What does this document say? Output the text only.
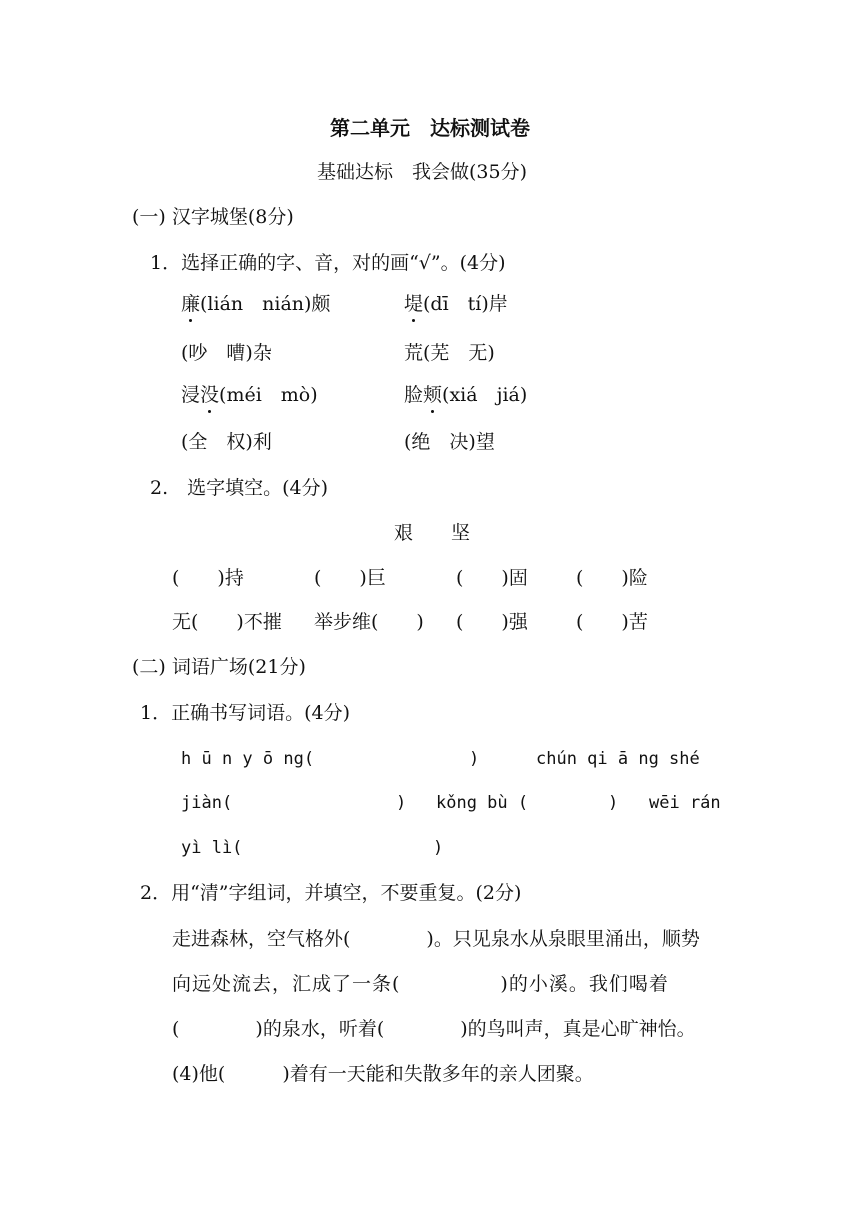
第二单元　达标测试卷
基础达标　我会做(35分)
(一) 汉字城堡(8分)
1．选择正确的字、音，对的画“√”。(4分)
廉(lián　nián)颇	堤(dī　tí)岸
(吵　嘈)杂	荒(芜　无)
浸没(méi　mò)	脸颊(xiá　jiá)
(全　权)利	(绝　决)望
2.　选字填空。(4分)
艰　　坚
(　　)持	(　　)巨	(　　)固	(　　)险
无(　　)不摧 举步维(　　) (　　)强	(　　)苦
(二) 词语广场(21分)
1．正确书写词语。(4分)
h ū n y ō ng(	)	chún qi ā ng shé
jiàn(	) kǒng bù (	) wēi rán
yì lì(	)
2．用“清”字组词，并填空，不要重复。(2分)
走进森林，空气格外(　　　　)。只见泉水从泉眼里涌出，顺势
向远处流去，汇成了一条(　　　　　)的小溪。我们喝着
(　　　　)的泉水，听着(　　　　)的鸟叫声，真是心旷神怡。
(4)他(　　　)着有一天能和失散多年的亲人团聚。
